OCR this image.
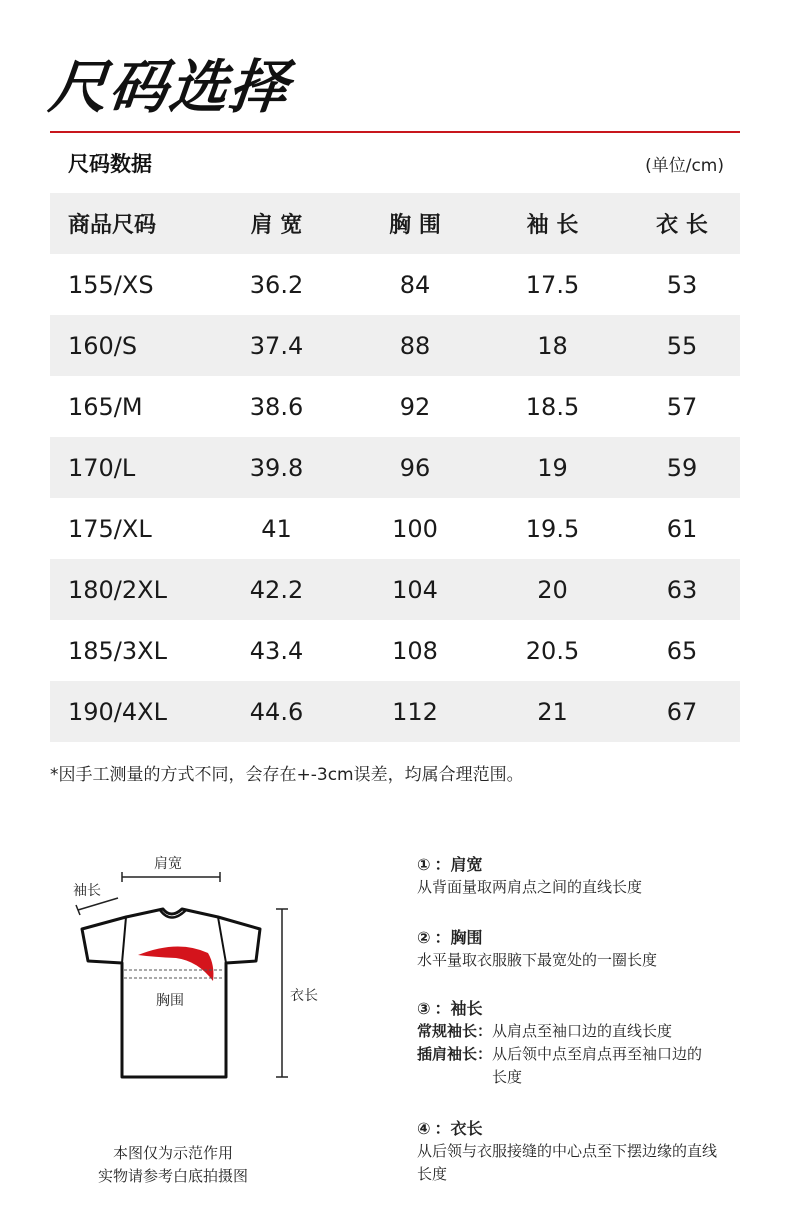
尺码选择
尺码数据	(单位/cm)
商品尺码	肩 宽	胸 围	袖 长	衣 长
155/XS	36.2	84	17.5	53
160/S	37.4	88	18	55
165/M	38.6	92	18.5	57
170/L	39.8	96	19	59
175/XL	41	100	19.5	61
180/2XL	42.2	104	20	63
185/3XL	43.4	108	20.5	65
190/4XL	44.6	112	21	67
*因手工测量的方式不同，会存在+-3cm误差，均属合理范围。
肩宽
袖长
胸围	衣长
本图仅为示范作用
实物请参考白底拍摄图
① ：肩宽
从背面量取两肩点之间的直线长度
② ：胸围
水平量取衣服腋下最宽处的一圈长度
③ ：袖长
常规袖长： 从肩点至袖口边的直线长度
插肩袖长： 从后领中点至肩点再至袖口边的长度
④ ：衣长
从后领与衣服接缝的中心点至下摆边缘的直线长度
